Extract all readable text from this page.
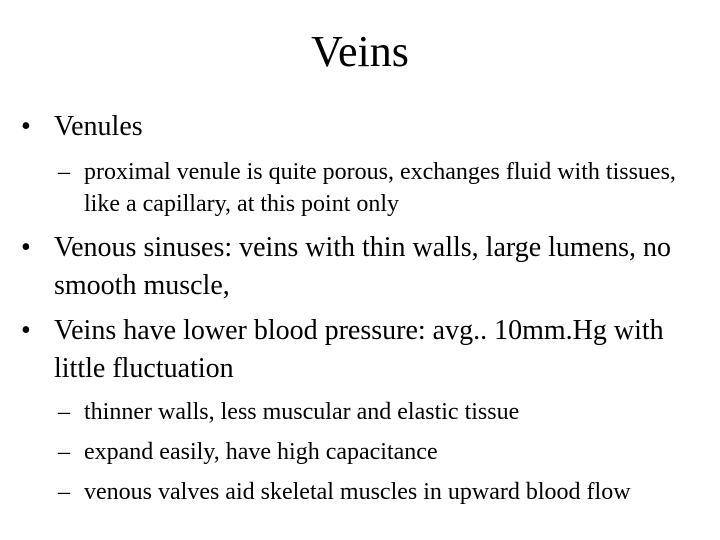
Veins
• Venules
– proximal venule is quite porous, exchanges fluid with tissues, like a capillary, at this point only
• Venous sinuses: veins with thin walls, large lumens, no smooth muscle,
• Veins have lower blood pressure: avg.. 10mm.Hg with little fluctuation
– thinner walls, less muscular and elastic tissue
– expand easily, have high capacitance
– venous valves aid skeletal muscles in upward blood flow
